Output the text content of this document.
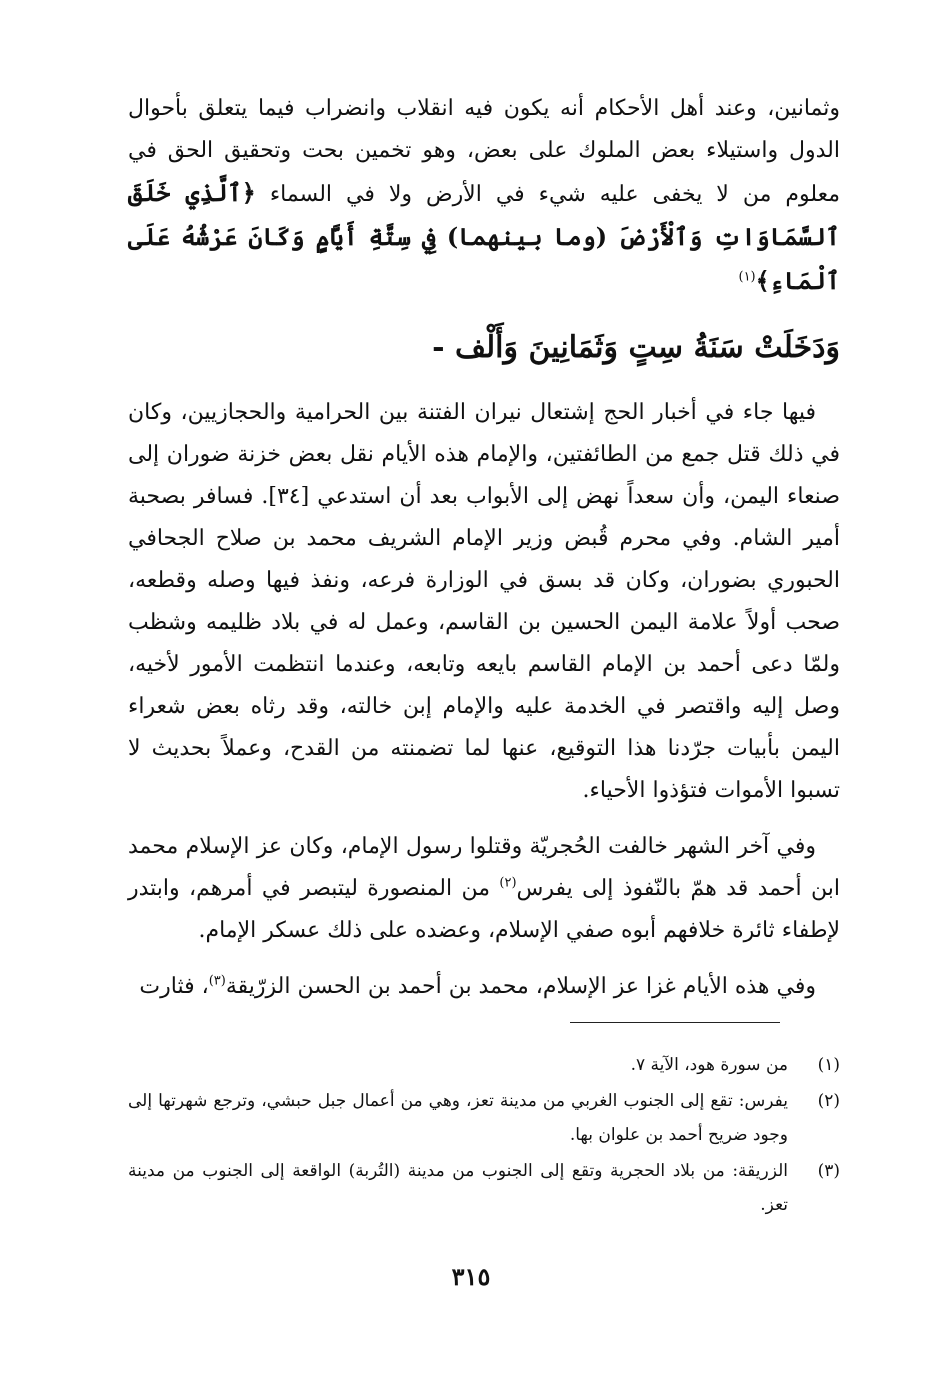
وثمانين، وعند أهل الأحكام أنه يكون فيه انقلاب وانضراب فيما يتعلق بأحوال الدول واستيلاء بعض الملوك على بعض، وهو تخمين بحت وتحقيق الحق في معلوم من لا يخفى عليه شيء في الأرض ولا في السماء ﴿ٱلَّذِي خَلَقَ ٱلسَّمَاوَاتِ وَٱلْأَرْضَ (وما بينهما) فِي سِتَّةِ أَيَّامٍ وَكَانَ عَرْشُهُ عَلَى ٱلْمَاءِ﴾$^{(١)}$

وَدَخَلَتْ سَنَةُ سِتٍ وَثَمَانِينَ وَأَلْف -

فيها جاء في أخبار الحج إشتعال نيران الفتنة بين الحرامية والحجازيين، وكان في ذلك قتل جمع من الطائفتين، والإمام هذه الأيام نقل بعض خزنة ضوران إلى صنعاء اليمن، وأن سعداً نهض إلى الأبواب بعد أن استدعي [٣٤]. فسافر بصحبة أمير الشام. وفي محرم قُبض وزير الإمام الشريف محمد بن صلاح الجحافي الحبوري بضوران، وكان قد بسق في الوزارة فرعه، ونفذ فيها وصله وقطعه، صحب أولاً علامة اليمن الحسين بن القاسم، وعمل له في بلاد ظليمه وشظب ولمّا دعى أحمد بن الإمام القاسم بايعه وتابعه، وعندما انتظمت الأمور لأخيه، وصل إليه واقتصر في الخدمة عليه والإمام إبن خالته، وقد رثاه بعض شعراء اليمن بأبيات جرّدنا هذا التوقيع، عنها لما تضمنته من القدح، وعملاً بحديث لا تسبوا الأموات فتؤذوا الأحياء.

وفي آخر الشهر خالفت الحُجريّة وقتلوا رسول الإمام، وكان عز الإسلام محمد ابن أحمد قد همّ بالنّفوذ إلى يفرس$^{(٢)}$ من المنصورة ليتبصر في أمرهم، وابتدر لإطفاء ثائرة خلافهم أبوه صفي الإسلام، وعضده على ذلك عسكر الإمام.

وفي هذه الأيام غزا عز الإسلام، محمد بن أحمد بن الحسن الزرّيقة$^{(٣)}$، فثارت

(١)
من سورة هود، الآية ٧.
(٢)
يفرس: تقع إلى الجنوب الغربي من مدينة تعز، وهي من أعمال جبل حبشي، وترجع شهرتها إلى وجود ضريح أحمد بن علوان بها.
(٣)
الزريقة: من بلاد الحجرية وتقع إلى الجنوب من مدينة (التُربة) الواقعة إلى الجنوب من مدينة تعز.
٣١٥
